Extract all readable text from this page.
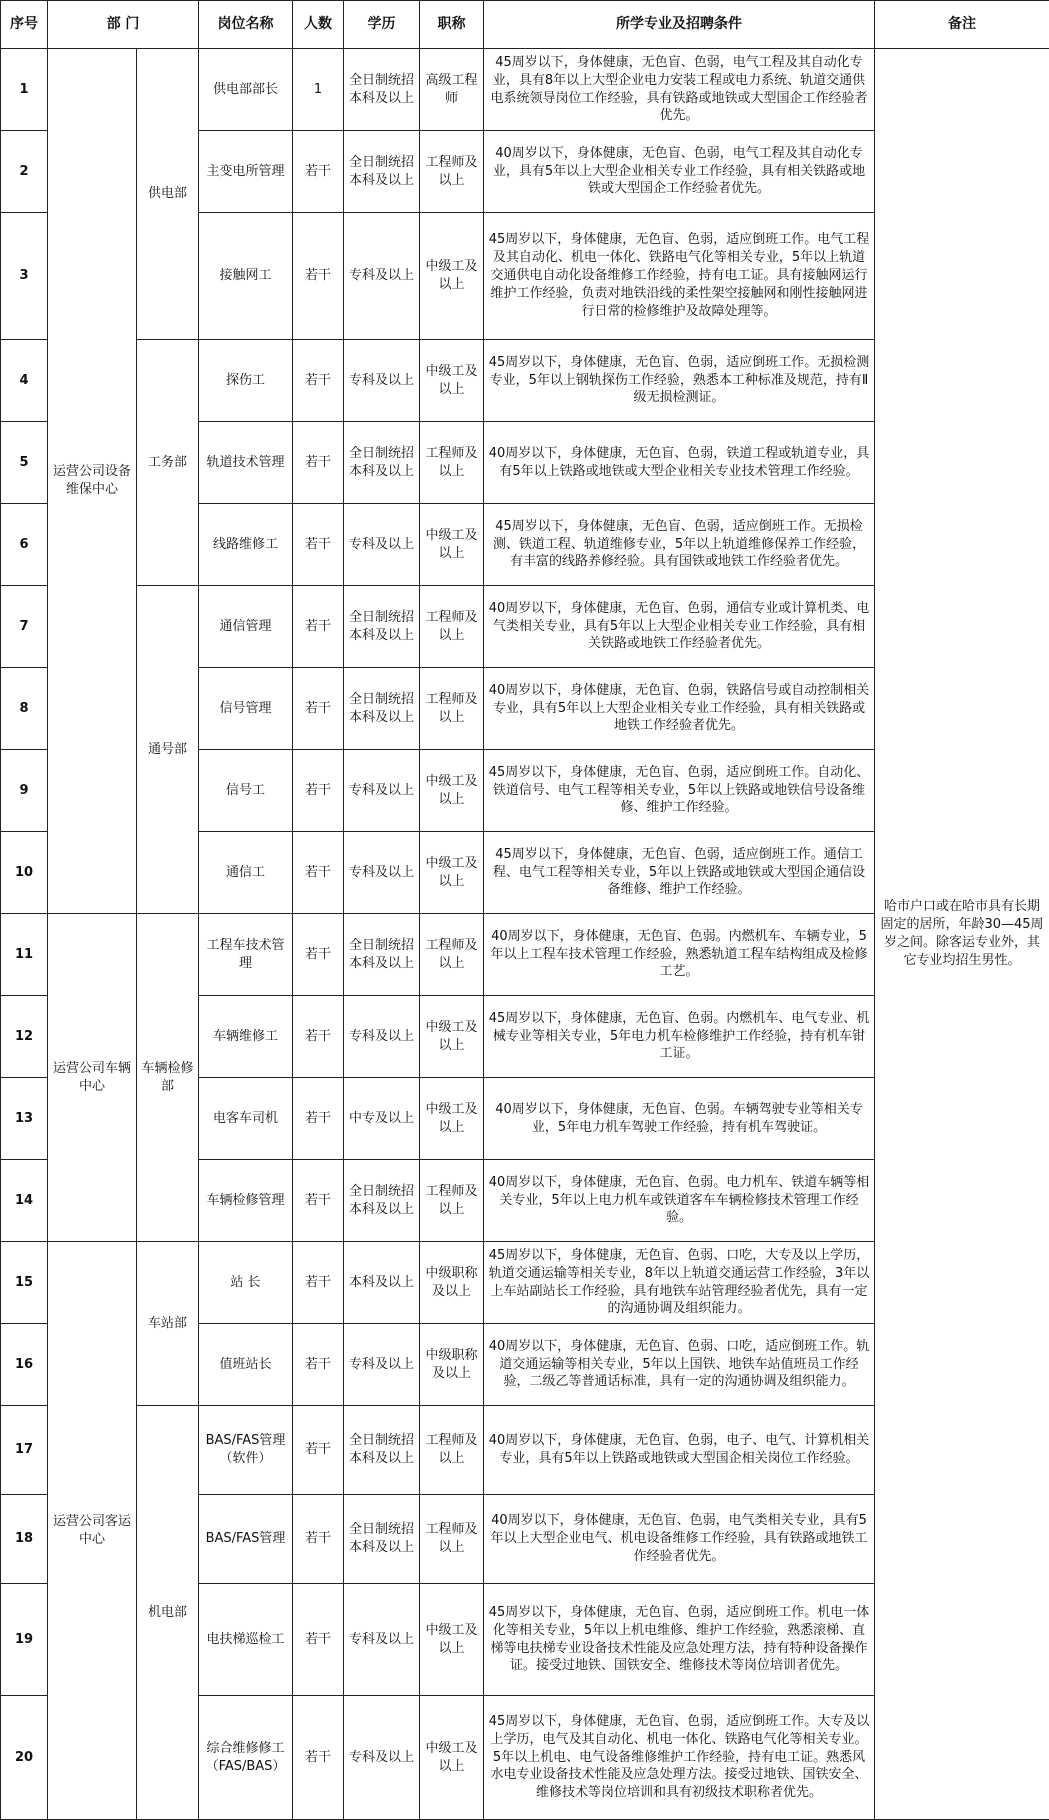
序号	部 门		岗位名称	人数	学历	职称	所学专业及招聘条件	备注
1	运营公司设备维保中心	供电部	供电部部长	1	全日制统招本科及以上	高级工程师	45周岁以下，身体健康，无色盲、色弱，电气工程及其自动化专业，具有8年以上大型企业电力安装工程或电力系统、轨道交通供电系统领导岗位工作经验，具有铁路或地铁或大型国企工作经验者优先。	哈市户口或在哈市具有长期固定的居所，年龄30—45周岁之间。除客运专业外，其它专业均招生男性。
2			主变电所管理	若干	全日制统招本科及以上	工程师及以上	40周岁以下，身体健康，无色盲、色弱，电气工程及其自动化专业，具有5年以上大型企业相关专业工作经验，具有相关铁路或地铁或大型国企工作经验者优先。	
3			接触网工	若干	专科及以上	中级工及以上	45周岁以下，身体健康，无色盲、色弱，适应倒班工作。电气工程及其自动化、机电一体化、铁路电气化等相关专业，5年以上轨道交通供电自动化设备维修工作经验，持有电工证。具有接触网运行维护工作经验，负责对地铁沿线的柔性架空接触网和刚性接触网进行日常的检修维护及故障处理等。	
4		工务部	探伤工	若干	专科及以上	中级工及以上	45周岁以下，身体健康，无色盲、色弱，适应倒班工作。无损检测专业，5年以上钢轨探伤工作经验，熟悉本工种标准及规范，持有Ⅱ级无损检测证。	
5			轨道技术管理	若干	全日制统招本科及以上	工程师及以上	40周岁以下，身体健康，无色盲、色弱，铁道工程或轨道专业，具有5年以上铁路或地铁或大型企业相关专业技术管理工作经验。	
6			线路维修工	若干	专科及以上	中级工及以上	45周岁以下，身体健康，无色盲、色弱，适应倒班工作。无损检测、铁道工程、轨道维修专业，5年以上轨道维修保养工作经验，有丰富的线路养修经验。具有国铁或地铁工作经验者优先。	
7		通号部	通信管理	若干	全日制统招本科及以上	工程师及以上	40周岁以下，身体健康，无色盲、色弱，通信专业或计算机类、电气类相关专业，具有5年以上大型企业相关专业工作经验，具有相关铁路或地铁工作经验者优先。	
8			信号管理	若干	全日制统招本科及以上	工程师及以上	40周岁以下，身体健康，无色盲、色弱，铁路信号或自动控制相关专业，具有5年以上大型企业相关专业工作经验，具有相关铁路或地铁工作经验者优先。	
9			信号工	若干	专科及以上	中级工及以上	45周岁以下，身体健康，无色盲、色弱，适应倒班工作。自动化、铁道信号、电气工程等相关专业，5年以上铁路或地铁信号设备维修、维护工作经验。	
10			通信工	若干	专科及以上	中级工及以上	45周岁以下，身体健康，无色盲、色弱，适应倒班工作。通信工程、电气工程等相关专业，5年以上铁路或地铁或大型国企通信设备维修、维护工作经验。	
11	运营公司车辆中心	车辆检修部	工程车技术管理	若干	全日制统招本科及以上	工程师及以上	40周岁以下，身体健康，无色盲、色弱。内燃机车、车辆专业，5年以上工程车技术管理工作经验，熟悉轨道工程车结构组成及检修工艺。	
12			车辆维修工	若干	专科及以上	中级工及以上	45周岁以下，身体健康，无色盲、色弱。内燃机车、电气专业、机械专业等相关专业，5年电力机车检修维护工作经验，持有机车钳工证。	
13			电客车司机	若干	中专及以上	中级工及以上	40周岁以下，身体健康，无色盲、色弱。车辆驾驶专业等相关专业，5年电力机车驾驶工作经验，持有机车驾驶证。	
14			车辆检修管理	若干	全日制统招本科及以上	工程师及以上	40周岁以下，身体健康，无色盲、色弱。电力机车、铁道车辆等相关专业，5年以上电力机车或铁道客车车辆检修技术管理工作经验。	
15	运营公司客运中心	车站部	站 长	若干	本科及以上	中级职称及以上	45周岁以下，身体健康，无色盲、色弱、口吃，大专及以上学历，轨道交通运输等相关专业，8年以上轨道交通运营工作经验，3年以上车站副站长工作经验，具有地铁车站管理经验者优先，具有一定的沟通协调及组织能力。	
16			值班站长	若干	专科及以上	中级职称及以上	40周岁以下，身体健康，无色盲、色弱、口吃，适应倒班工作。轨道交通运输等相关专业，5年以上国铁、地铁车站值班员工作经验，二级乙等普通话标准，具有一定的沟通协调及组织能力。	
17		机电部	BAS/FAS管理（软件）	若干	全日制统招本科及以上	工程师及以上	40周岁以下，身体健康，无色盲、色弱，电子、电气、计算机相关专业，具有5年以上铁路或地铁或大型国企相关岗位工作经验。	
18			BAS/FAS管理	若干	全日制统招本科及以上	工程师及以上	40周岁以下，身体健康，无色盲、色弱，电气类相关专业，具有5年以上大型企业电气、机电设备维修工作经验，具有铁路或地铁工作经验者优先。	
19			电扶梯巡检工	若干	专科及以上	中级工及以上	45周岁以下，身体健康，无色盲、色弱，适应倒班工作。机电一体化等相关专业，5年以上机电维修、维护工作经验，熟悉滚梯、直梯等电扶梯专业设备技术性能及应急处理方法，持有特种设备操作证。接受过地铁、国铁安全、维修技术等岗位培训者优先。	
20			综合维修修工（FAS/BAS）	若干	专科及以上	中级工及以上	45周岁以下，身体健康，无色盲、色弱，适应倒班工作。大专及以上学历，电气及其自动化、机电一体化、铁路电气化等相关专业。5年以上机电、电气设备维修维护工作经验，持有电工证。熟悉风水电专业设备技术性能及应急处理方法。接受过地铁、国铁安全、维修技术等岗位培训和具有初级技术职称者优先。	
